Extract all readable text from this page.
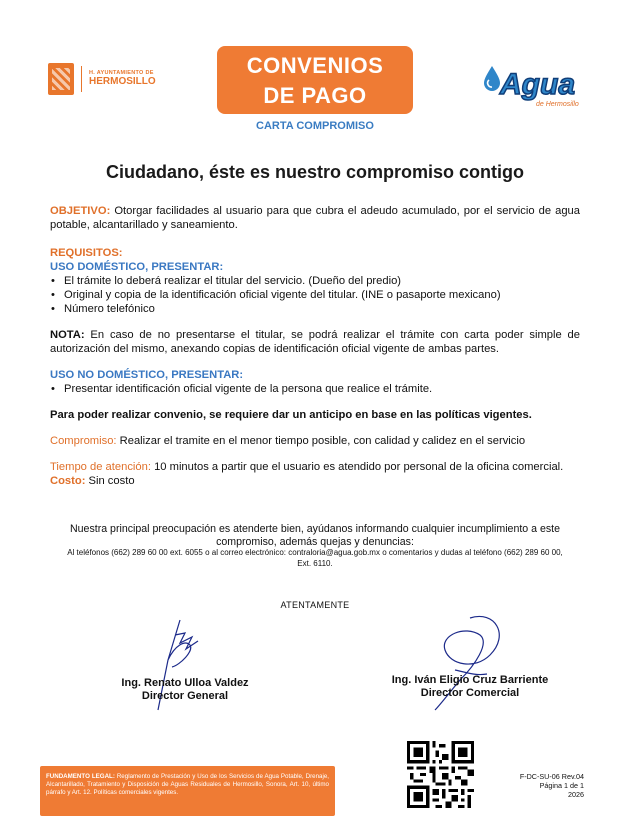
H. AYUNTAMIENTO DE
HERMOSILLO
CONVENIOS
DE PAGO
CARTA COMPROMISO
Agua
de Hermosillo
Ciudadano, éste es nuestro compromiso contigo

OBJETIVO: Otorgar facilidades al usuario para que cubra el adeudo acumulado, por el servicio de agua potable, alcantarillado y saneamiento.

REQUISITOS:
USO DOMÉSTICO, PRESENTAR:
• El trámite lo deberá realizar el titular del servicio. (Dueño del predio)
• Original y copia de la identificación oficial vigente del titular. (INE o pasaporte mexicano)
• Número telefónico

NOTA: En caso de no presentarse el titular, se podrá realizar el trámite con carta poder simple de autorización del mismo, anexando copias de identificación oficial vigente de ambas partes.

USO NO DOMÉSTICO, PRESENTAR:
• Presentar identificación oficial vigente de la persona que realice el trámite.

Para poder realizar convenio, se requiere dar un anticipo en base en las políticas vigentes.

Compromiso: Realizar el tramite en el menor tiempo posible, con calidad y calidez en el servicio

Tiempo de atención: 10 minutos a partir que el usuario es atendido por personal de la oficina comercial.

Costo: Sin costo

Nuestra principal preocupación es atenderte bien, ayúdanos informando cualquier incumplimiento a este compromiso, además quejas y denuncias:
Al teléfonos (662) 289 60 00 ext. 6055 o al correo electrónico: contraloria@agua.gob.mx o comentarios y dudas al teléfono (662) 289 60 00, Ext. 6110.
ATENTAMENTE
Ing. Renato Ulloa Valdez
Director General
Ing. Iván Eligio Cruz Barriente
Director Comercial
FUNDAMENTO LEGAL: Reglamento de Prestación y Uso de los Servicios de Agua Potable, Drenaje, Alcantarillado, Tratamiento y Disposición de Aguas Residuales de Hermosillo, Sonora, Art. 10, último párrafo y Art. 12. Políticas comerciales vigentes.
F-DC-SU-06 Rev.04
Página 1 de 1
2026
